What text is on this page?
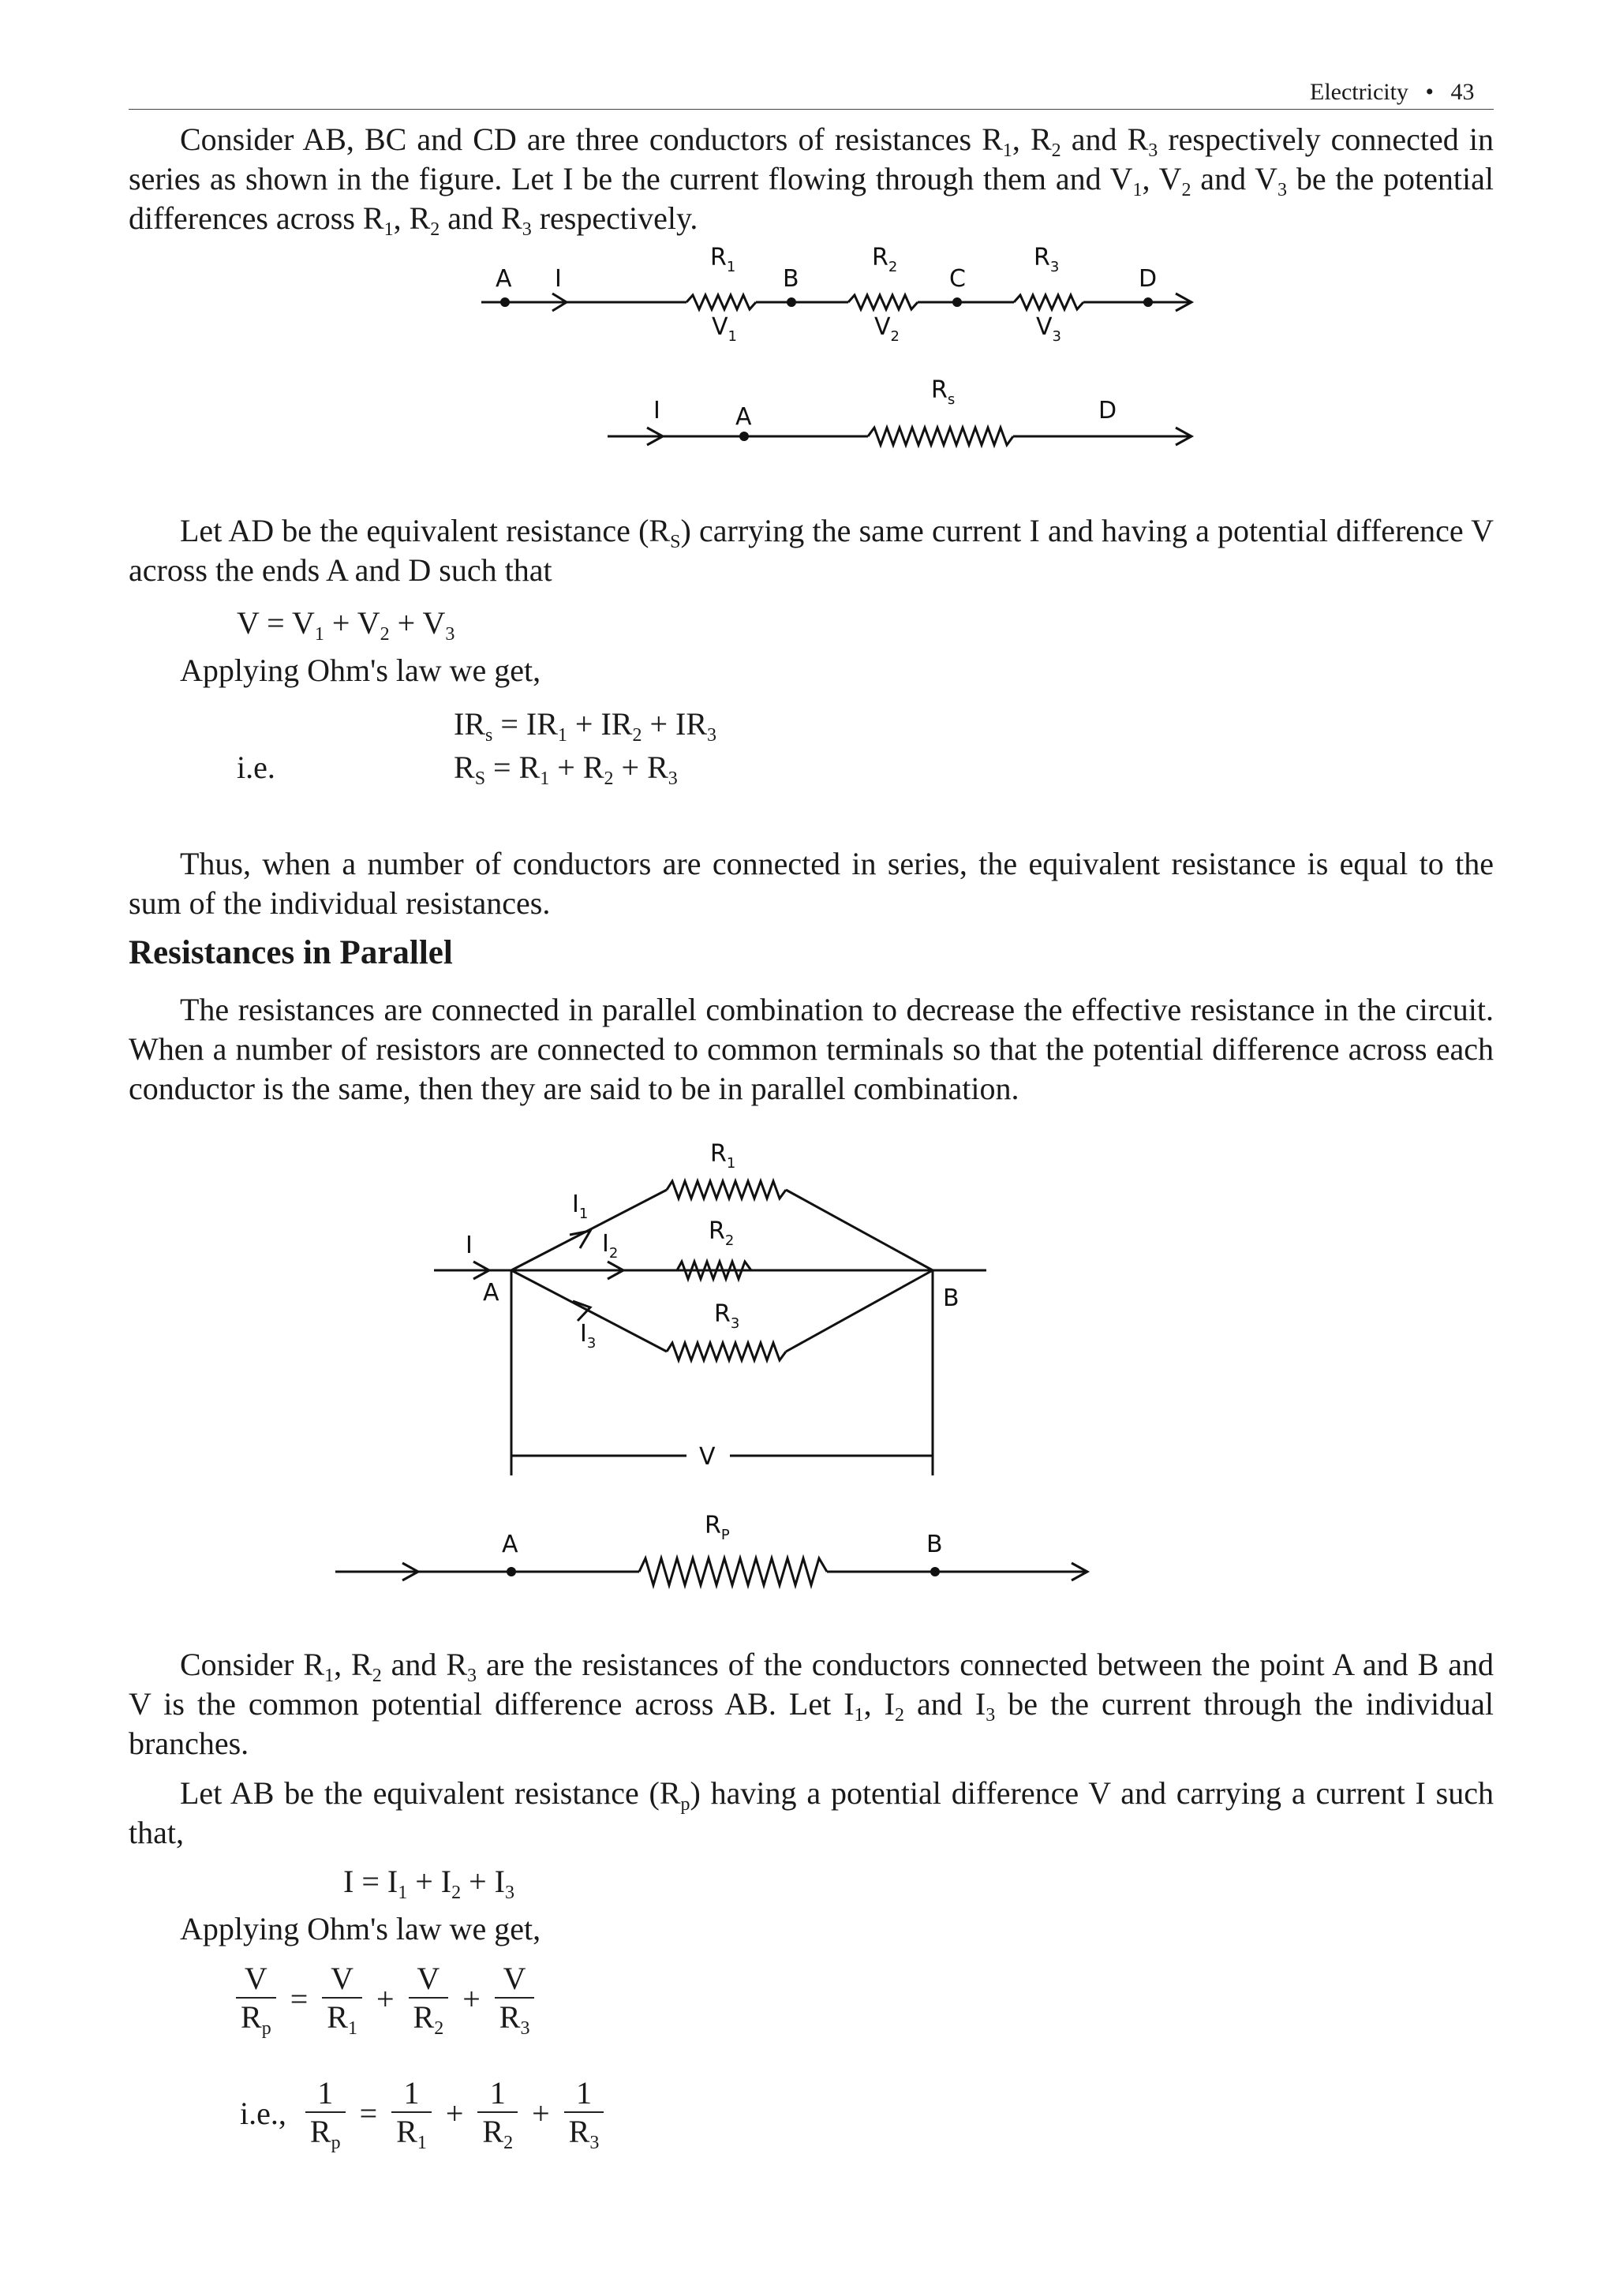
Electricity • 43

Consider AB, BC and CD are three conductors of resistances $R_1$, $R_2$ and $R_3$ respectively connected in series as shown in the figure. Let I be the current flowing through them and $V_1$, $V_2$ and $V_3$ be the potential differences across $R_1$, $R_2$ and $R_3$ respectively.

A I
$R_1$ B
$R_2$ C
$R_3$	D
$V_1$	$V_2$	$V_3$
I	A
$R_s$	D

Let AD be the equivalent resistance $(R_S)$ carrying the same current I and having a potential difference V across the ends A and D such that

$V = V_1 + V_2 + V_3$
Applying Ohm's law we get,
$IR_s = IR_1 + IR_2 + IR_3$
i.e.	$R_S = R_1 + R_2 + R_3$

Thus, when a number of conductors are connected in series, the equivalent resistance is equal to the sum of the individual resistances.

Resistances in Parallel

The resistances are connected in parallel combination to decrease the effective resistance in the circuit. When a number of resistors are connected to common terminals so that the potential difference across each conductor is the same, then they are said to be in parallel combination.

$R_1$
$R_2$
$R_3$
$I_1$
$I_2$
$I_3$
I
A	B
V
A
$R_P$	B

Consider $R_1$, $R_2$ and $R_3$ are the resistances of the conductors connected between the point A and B and V is the common potential difference across AB. Let $I_1$, $I_2$ and $I_3$ be the current through the individual branches.

Let AB be the equivalent resistance $(R_p)$ having a potential difference V and carrying a current I such that,

$I = I_1 + I_2 + I_3$
Applying Ohm's law we get,
$\frac{V}{R_p} = \frac{V}{R_1} + \frac{V}{R_2} + \frac{V}{R_3}$
i.e., $\frac{1}{R_p} = \frac{1}{R_1} + \frac{1}{R_2} + \frac{1}{R_3}$
